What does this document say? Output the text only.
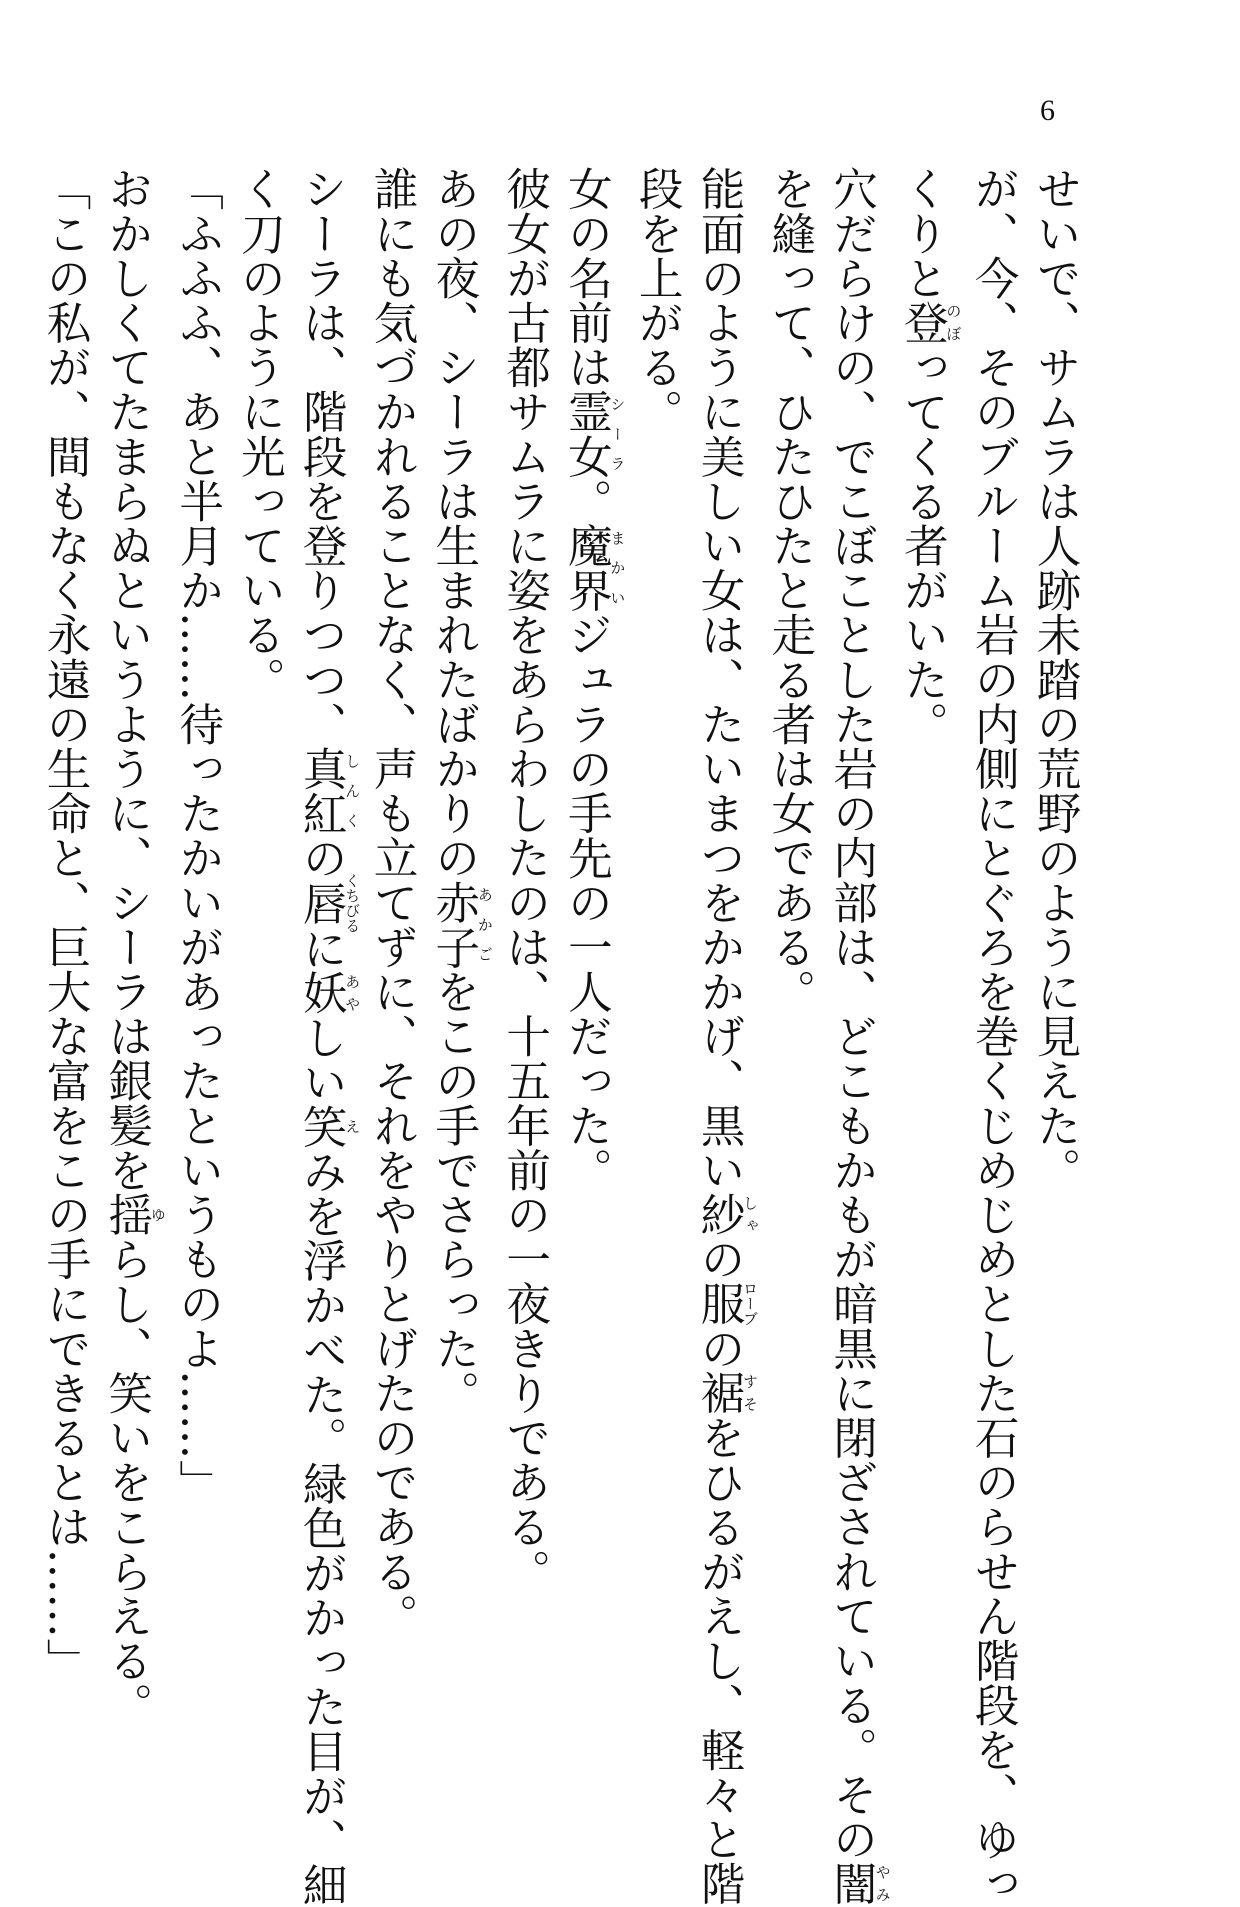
6
せいで、サムラは人跡未踏の荒野のように見えた。
が、今、そのブルーム岩の内側にとぐろを巻くじめじめとした石のらせん階段を、ゆっ
くりと登のぼってくる者がいた。
穴だらけの、でこぼことした岩の内部は、どこもかもが暗黒に閉ざされている。その闇やみ
を縫って、ひたひたと走る者は女である。
能面のように美しい女は、たいまつをかかげ、黒い紗しゃの服ローブの裾すそをひるがえし、軽々と階
段を上がる。
女の名前は霊女シーラ。魔界まかいジュラの手先の一人だった。
彼女が古都サムラに姿をあらわしたのは、十五年前の一夜きりである。
あの夜、シーラは生まれたばかりの赤子あかごをこの手でさらった。
誰にも気づかれることなく、声も立てずに、それをやりとげたのである。
シーラは、階段を登りつつ、真紅しんくの唇くちびるに妖あやしい笑えみを浮かべた。緑色がかった目が、細
く刀のように光っている。
「ふふふ、あと半月か……待ったかいがあったというものよ……」
おかしくてたまらぬというように、シーラは銀髪を揺ゆらし、笑いをこらえる。
「この私が、間もなく永遠の生命と、巨大な富をこの手にできるとは……」
